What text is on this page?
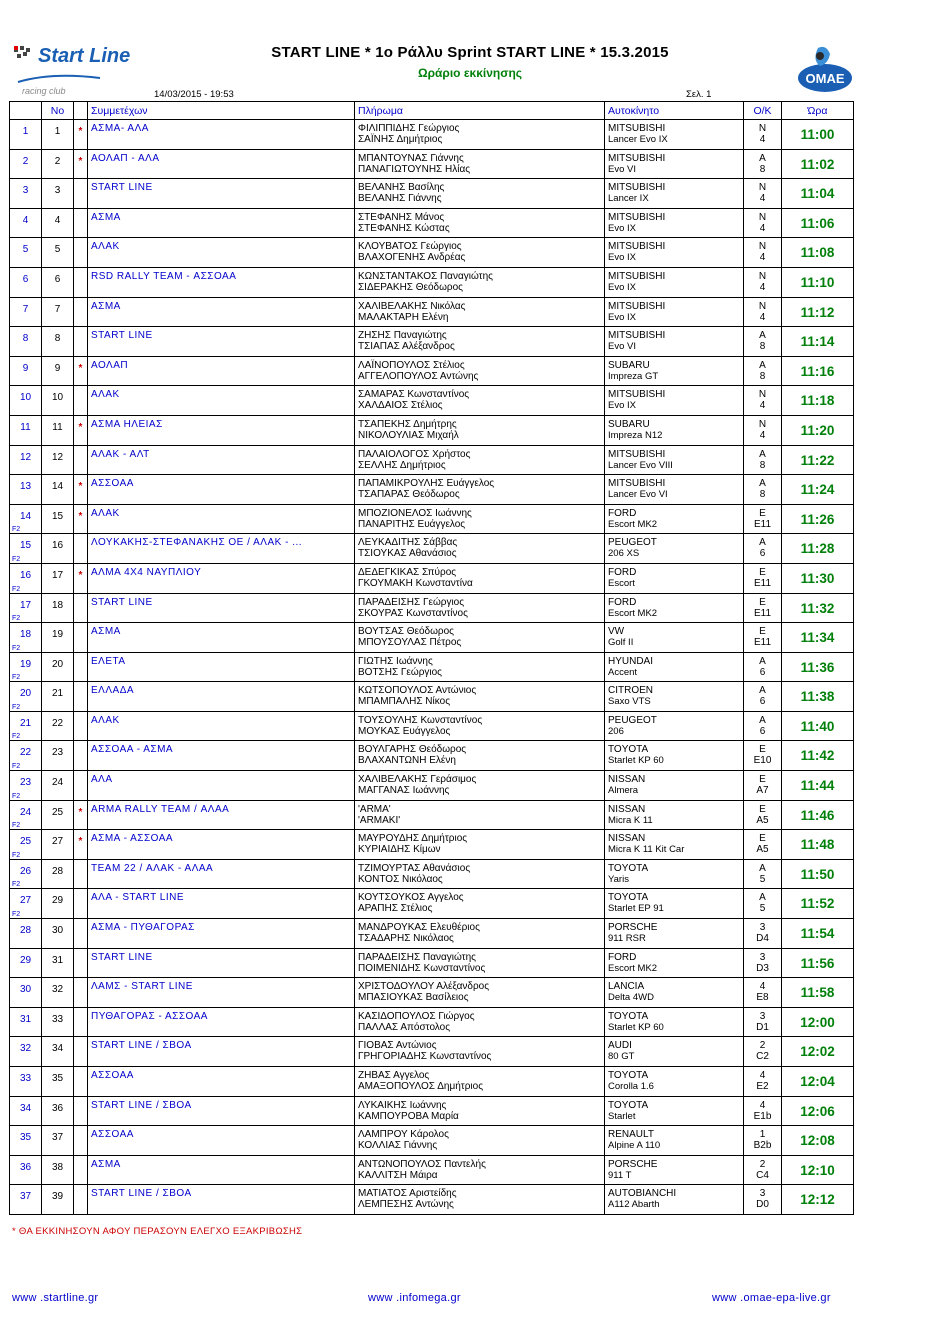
Start Line
racing club
OMAE
START LINE * 1ο Ράλλυ Sprint START LINE * 15.3.2015
Ωράριο εκκίνησης
14/03/2015 - 19:53	Σελ. 1
	Νο		Συμμετέχων	Πλήρωμα	Αυτοκίνητο	Ο/Κ	Ώρα

1	1	*	ΑΣΜΑ- ΑΛΑ	ΦΙΛΙΠΠΙΔΗΣ Γεώργιος
ΣΑΪΝΗΣ Δημήτριος	MITSUBISHI
Lancer Evo IX	N
4	11:00

2	2	*	ΑΟΛΑΠ - ΑΛΑ	ΜΠΑΝΤΟΥΝΑΣ Γιάννης
ΠΑΝΑΓΙΩΤΟΥΝΗΣ Ηλίας	MITSUBISHI
Evo VI	A
8	11:02

3	3		START LINE	ΒΕΛΑΝΗΣ Βασίλης
ΒΕΛΑΝΗΣ Γιάννης	MITSUBISHI
Lancer IX	N
4	11:04

4	4		ΑΣΜΑ	ΣΤΕΦΑΝΗΣ Μάνος
ΣΤΕΦΑΝΗΣ Κώστας	MITSUBISHI
Evo IX	N
4	11:06

5	5		ΑΛΑΚ	ΚΛΟΥΒΑΤΟΣ Γεώργιος
ΒΛΑΧΟΓΕΝΗΣ Ανδρέας	MITSUBISHI
Evo IX	N
4	11:08

6	6		RSD RALLY TEAM - ΑΣΣΟΑΑ	ΚΩΝΣΤΑΝΤΑΚΟΣ Παναγιώτης
ΣΙΔΕΡΑΚΗΣ Θεόδωρος	MITSUBISHI
Evo IX	N
4	11:10

7	7		ΑΣΜΑ	ΧΑΛΙΒΕΛΑΚΗΣ Νικόλας
ΜΑΛΑΚΤΑΡΗ Ελένη	MITSUBISHI
Evo IX	N
4	11:12

8	8		START LINE	ΖΗΣΗΣ Παναγιώτης
ΤΣΙΑΠΑΣ Αλέξανδρος	MITSUBISHI
Evo VI	A
8	11:14

9	9	*	ΑΟΛΑΠ	ΛΑΪΝΟΠΟΥΛΟΣ Στέλιος
ΑΓΓΕΛΟΠΟΥΛΟΣ Αντώνης	SUBARU
Impreza GT	A
8	11:16

10	10		ΑΛΑΚ	ΣΑΜΑΡΑΣ Κωνσταντίνος
ΧΑΛΔΑΙΟΣ Στέλιος	MITSUBISHI
Evo IX	N
4	11:18

11	11	*	ΑΣΜΑ ΗΛΕΙΑΣ	ΤΣΑΠΕΚΗΣ Δημήτρης
ΝΙΚΟΛΟΥΛΙΑΣ Μιχαήλ	SUBARU
Impreza N12	N
4	11:20

12	12		ΑΛΑΚ - ΑΛΤ	ΠΑΛΑΙΟΛΟΓΟΣ Χρήστος
ΣΕΛΛΗΣ Δημήτριος	MITSUBISHI
Lancer Evo VIII	A
8	11:22

13	14	*	ΑΣΣΟΑΑ	ΠΑΠΑΜΙΚΡΟΥΛΗΣ Ευάγγελος
ΤΣΑΠΑΡΑΣ Θεόδωρος	MITSUBISHI
Lancer Evo VI	A
8	11:24

14
F2	15	*	ΑΛΑΚ	ΜΠΟΖΙΟΝΕΛΟΣ Ιωάννης
ΠΑΝΑΡΙΤΗΣ Ευάγγελος	FORD
Escort MK2	E
E11	11:26

15
F2	16		ΛΟΥΚΑΚΗΣ-ΣΤΕΦΑΝΑΚΗΣ ΟΕ / ΑΛΑΚ - ...	ΛΕΥΚΑΔΙΤΗΣ Σάββας
ΤΣΙΟΥΚΑΣ Αθανάσιος	PEUGEOT
206 XS	A
6	11:28

16
F2	17	*	ΑΛΜΑ 4Χ4 ΝΑΥΠΛΙΟΥ	ΔΕΔΕΓΚΙΚΑΣ Σπύρος
ΓΚΟΥΜΑΚΗ Κωνσταντίνα	FORD
Escort	E
E11	11:30

17
F2	18		START LINE	ΠΑΡΑΔΕΙΣΗΣ Γεώργιος
ΣΚΟΥΡΑΣ Κωνσταντίνος	FORD
Escort MK2	E
E11	11:32

18
F2	19		ΑΣΜΑ	ΒΟΥΤΣΑΣ Θεόδωρος
ΜΠΟΥΣΟΥΛΑΣ Πέτρος	VW
Golf II	E
E11	11:34

19
F2	20		ΕΛΕΤΑ	ΓΙΩΤΗΣ Ιωάννης
ΒΟΤΣΗΣ Γεώργιος	HYUNDAI
Accent	A
6	11:36

20
F2	21		ΕΛΛΑΔΑ	ΚΩΤΣΟΠΟΥΛΟΣ Αντώνιος
ΜΠΑΜΠΑΛΗΣ Νίκος	CITROEN
Saxo VTS	A
6	11:38

21
F2	22		ΑΛΑΚ	ΤΟΥΣΟΥΛΗΣ Κωνσταντίνος
ΜΟΥΚΑΣ Ευάγγελος	PEUGEOT
206	A
6	11:40

22
F2	23		ΑΣΣΟΑΑ - ΑΣΜΑ	ΒΟΥΛΓΑΡΗΣ Θεόδωρος
ΒΛΑΧΑΝΤΩΝΗ Ελένη	TOYOTA
Starlet KP 60	E
E10	11:42

23
F2	24		ΑΛΑ	ΧΑΛΙΒΕΛΑΚΗΣ Γεράσιμος
ΜΑΓΓΑΝΑΣ Ιωάννης	NISSAN
Almera	E
A7	11:44

24
F2	25	*	ARMA RALLY TEAM / ΑΛΑΑ	'ARMA'
'ARMAKI'	NISSAN
Micra K 11	E
A5	11:46

25
F2	27	*	ΑΣΜΑ - ΑΣΣΟΑΑ	ΜΑΥΡΟΥΔΗΣ Δημήτριος
ΚΥΡΙΑΙΔΗΣ Κίμων	NISSAN
Micra K 11 Kit Car	E
A5	11:48

26
F2	28		TEAM 22 / ΑΛΑΚ - ΑΛΑΑ	ΤΖΙΜΟΥΡΤΑΣ Αθανάσιος
ΚΟΝΤΟΣ Νικόλαος	TOYOTA
Yaris	A
5	11:50

27
F2	29		ΑΛΑ - START LINE	ΚΟΥΤΣΟΥΚΟΣ Αγγελος
ΑΡΑΠΗΣ Στέλιος	TOYOTA
Starlet EP 91	A
5	11:52

28	30		ΑΣΜΑ - ΠΥΘΑΓΟΡΑΣ	ΜΑΝΔΡΟΥΚΑΣ Ελευθέριος
ΤΣΑΔΑΡΗΣ Νικόλαος	PORSCHE
911 RSR	3
D4	11:54

29	31		START LINE	ΠΑΡΑΔΕΙΣΗΣ Παναγιώτης
ΠΟΙΜΕΝΙΔΗΣ Κωνσταντίνος	FORD
Escort MK2	3
D3	11:56

30	32		ΛΑΜΣ - START LINE	ΧΡΙΣΤΟΔΟΥΛΟΥ Αλέξανδρος
ΜΠΑΣΙΟΥΚΑΣ Βασίλειος	LANCIA
Delta 4WD	4
E8	11:58

31	33		ΠΥΘΑΓΟΡΑΣ - ΑΣΣΟΑΑ	ΚΑΣΙΔΟΠΟΥΛΟΣ Γιώργος
ΠΑΛΛΑΣ Απόστολος	TOYOTA
Starlet KP 60	3
D1	12:00

32	34		START LINE / ΣΒΟΑ	ΓΙΟΒΑΣ Αντώνιος
ΓΡΗΓΟΡΙΑΔΗΣ Κωνσταντίνος	AUDI
80 GT	2
C2	12:02

33	35		ΑΣΣΟΑΑ	ΖΗΒΑΣ Αγγελος
ΑΜΑΞΟΠΟΥΛΟΣ Δημήτριος	TOYOTA
Corolla 1.6	4
E2	12:04

34	36		START LINE / ΣΒΟΑ	ΛΥΚΑΙΚΗΣ Ιωάννης
ΚΑΜΠΟΥΡΟΒΑ Μαρία	TOYOTA
Starlet	4
E1b	12:06

35	37		ΑΣΣΟΑΑ	ΛΑΜΠΡΟΥ Κάρολος
ΚΟΛΛΙΑΣ Γιάννης	RENAULT
Alpine A 110	1
B2b	12:08

36	38		ΑΣΜΑ	ΑΝΤΩΝΟΠΟΥΛΟΣ Παντελής
ΚΑΛΛΙΤΣΗ Μάιρα	PORSCHE
911 T	2
C4	12:10

37	39		START LINE / ΣΒΟΑ	ΜΑΤΙΑΤΟΣ Αριστείδης
ΛΕΜΠΕΣΗΣ Αντώνης	AUTOBIANCHI
A112 Abarth	3
D0	12:12
* ΘΑ ΕΚΚΙΝΗΣΟΥΝ ΑΦΟΥ ΠΕΡΑΣΟΥΝ ΕΛΕΓΧΟ ΕΞΑΚΡΙΒΩΣΗΣ
www .startline.gr	www .infomega.gr	www .omae-epa-live.gr
